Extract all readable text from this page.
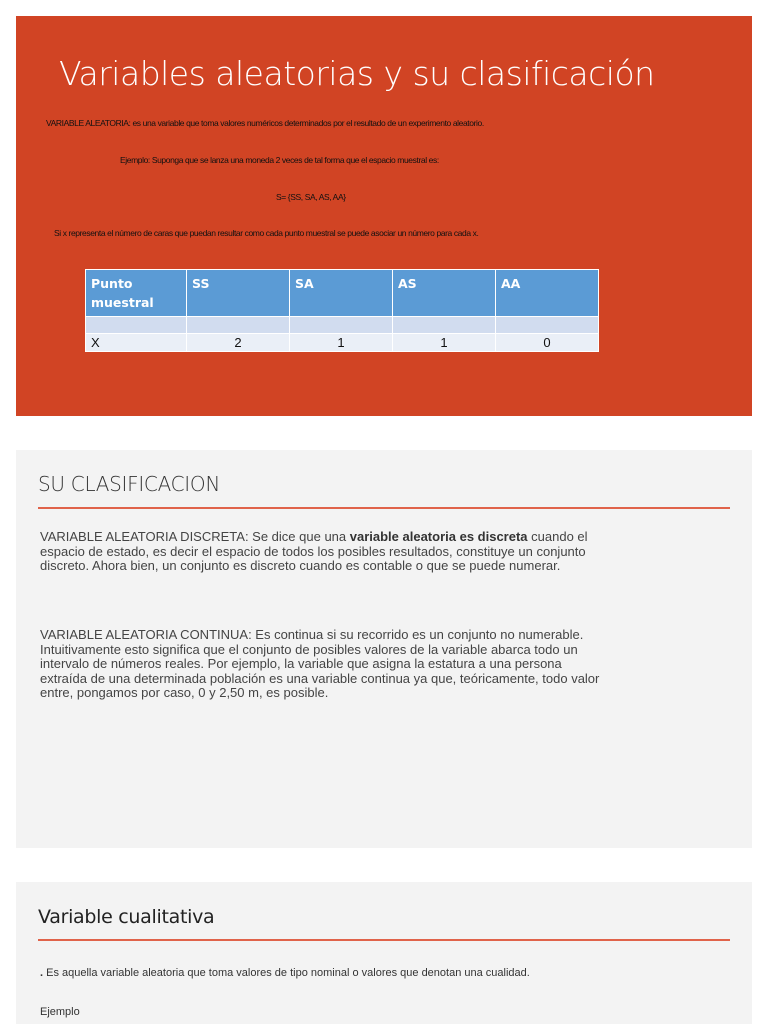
Variables aleatorias y su clasificación
VARIABLE ALEATORIA: es una variable que toma valores numéricos determinados por el resultado de un experimento aleatorio.
Ejemplo: Suponga que se lanza una moneda 2 veces de tal forma que el espacio muestral es:
S= {SS, SA, AS, AA}
Si x representa el número de caras que puedan resultar como cada punto muestral se puede asociar un número para cada x.
Punto muestral	SS	SA	AS	AA

X	2	1	1	0
SU CLASIFICACION
VARIABLE ALEATORIA DISCRETA: Se dice que una variable aleatoria es discreta cuando el espacio de estado, es decir el espacio de todos los posibles resultados, constituye un conjunto discreto. Ahora bien, un conjunto es discreto cuando es contable o que se puede numerar.
VARIABLE ALEATORIA CONTINUA: Es continua si su recorrido es un conjunto no numerable. Intuitivamente esto significa que el conjunto de posibles valores de la variable abarca todo un intervalo de números reales. Por ejemplo, la variable que asigna la estatura a una persona extraída de una determinada población es una variable continua ya que, teóricamente, todo valor entre, pongamos por caso, 0 y 2,50 m, es posible.
Variable cualitativa
. Es aquella variable aleatoria que toma valores de tipo nominal o valores que denotan una cualidad.
Ejemplo
